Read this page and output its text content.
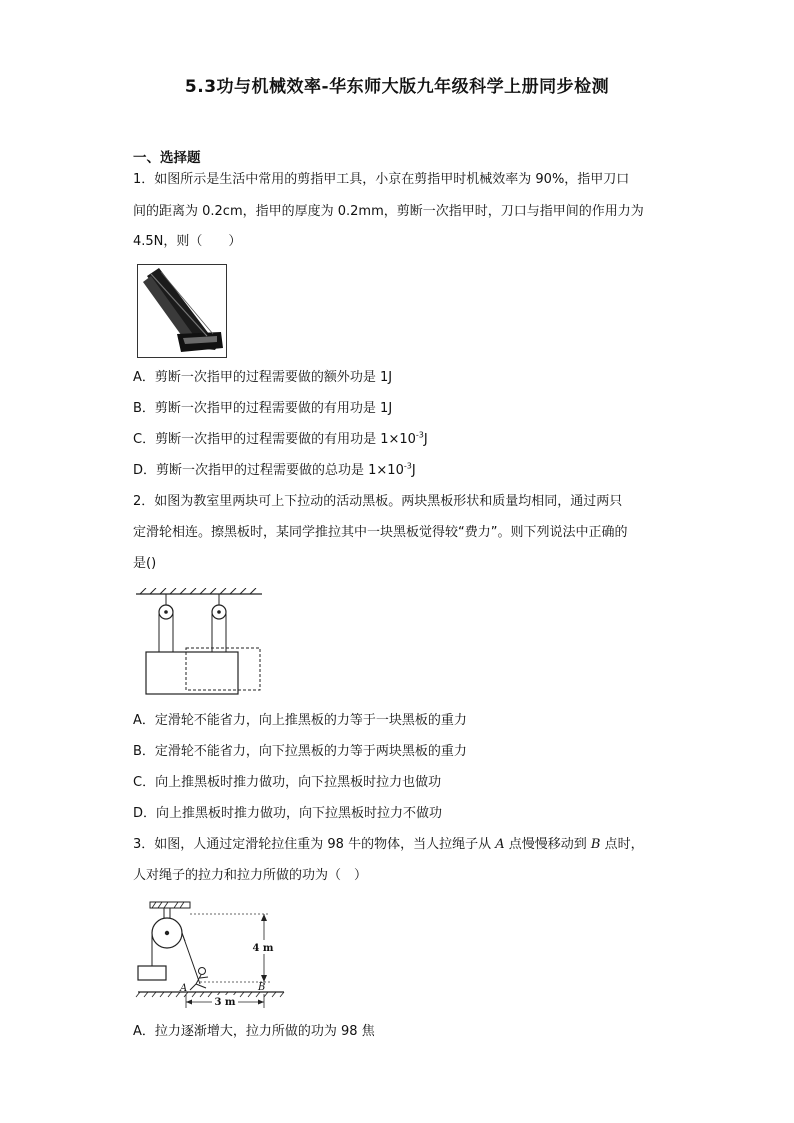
5.3功与机械效率-华东师大版九年级科学上册同步检测
一、选择题
1．如图所示是生活中常用的剪指甲工具，小京在剪指甲时机械效率为 90%，指甲刀口
间的距离为 0.2cm，指甲的厚度为 0.2mm，剪断一次指甲时，刀口与指甲间的作用力为
4.5N，则（　　）
A．剪断一次指甲的过程需要做的额外功是 1J
B．剪断一次指甲的过程需要做的有用功是 1J
C．剪断一次指甲的过程需要做的有用功是 $1\times 10^{-3}J$
D．剪断一次指甲的过程需要做的总功是 $1\times 10^{-3}J$
2．如图为教室里两块可上下拉动的活动黑板。两块黑板形状和质量均相同，通过两只
定滑轮相连。擦黑板时，某同学推拉其中一块黑板觉得较“费力”。则下列说法中正确的
是()
A．定滑轮不能省力，向上推黑板的力等于一块黑板的重力
B．定滑轮不能省力，向下拉黑板的力等于两块黑板的重力
C．向上推黑板时推力做功，向下拉黑板时拉力也做功
D．向上推黑板时推力做功，向下拉黑板时拉力不做功
3．如图，人通过定滑轮拉住重为 98 牛的物体，当人拉绳子从 A 点慢慢移动到 B 点时，
人对绳子的拉力和拉力所做的功为（　）
4 m
A	B
3 m
A．拉力逐渐增大，拉力所做的功为 98 焦
